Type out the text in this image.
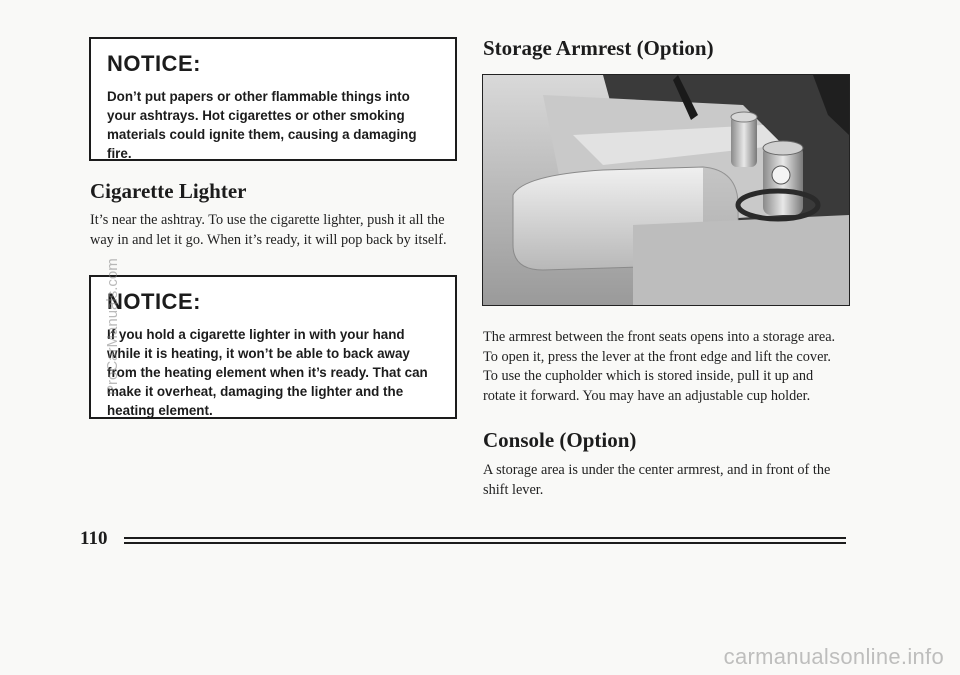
NOTICE:
Don’t put papers or other flammable things into your ashtrays. Hot cigarettes or other smoking materials could ignite them, causing a damaging fire.
Cigarette Lighter

It’s near the ashtray. To use the cigarette lighter, push it all the way in and let it go. When it’s ready, it will pop back by itself.

NOTICE:
If you hold a cigarette lighter in with your hand while it is heating, it won’t be able to back away from the heating element when it’s ready. That can make it overheat, damaging the lighter and the heating element.
Storage Armrest (Option)

The armrest between the front seats opens into a storage area. To open it, press the lever at the front edge and lift the cover. To use the cupholder which is stored inside, pull it up and rotate it forward. You may have an adjustable cup holder.

Console (Option)

A storage area is under the center armrest, and in front of the shift lever.

110
ProCarManuals.com
carmanualsonline.info
